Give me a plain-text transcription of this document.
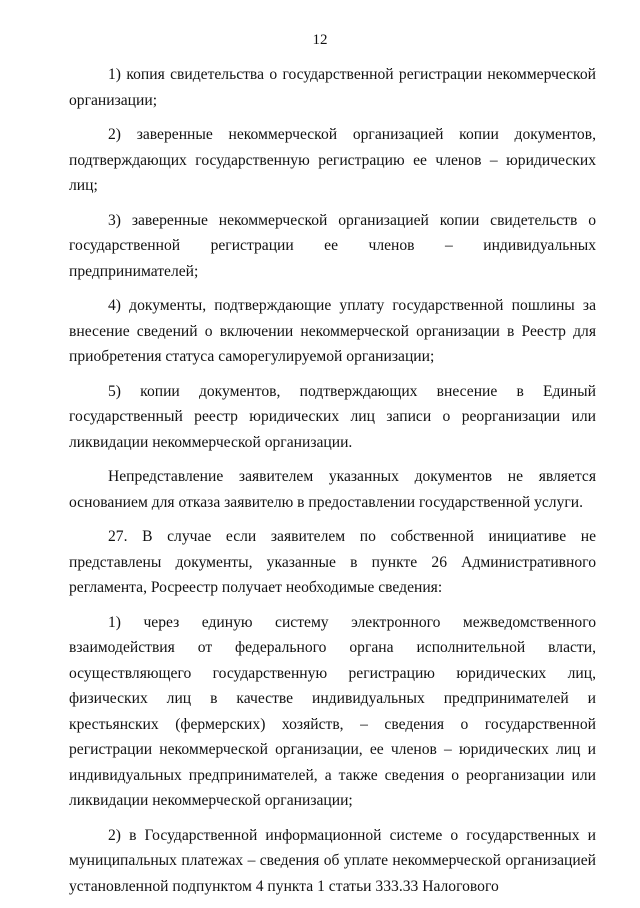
12

1) копия свидетельства о государственной регистрации некоммерческой организации;

2) заверенные некоммерческой организацией копии документов, подтверждающих государственную регистрацию ее членов – юридических лиц;

3) заверенные некоммерческой организацией копии свидетельств о государственной регистрации ее членов – индивидуальных предпринимателей;

4) документы, подтверждающие уплату государственной пошлины за внесение сведений о включении некоммерческой организации в Реестр для приобретения статуса саморегулируемой организации;

5) копии документов, подтверждающих внесение в Единый государственный реестр юридических лиц записи о реорганизации или ликвидации некоммерческой организации.

Непредставление заявителем указанных документов не является основанием для отказа заявителю в предоставлении государственной услуги.

27. В случае если заявителем по собственной инициативе не представлены документы, указанные в пункте 26 Административного регламента, Росреестр получает необходимые сведения:

1) через единую систему электронного межведомственного взаимодействия от федерального органа исполнительной власти, осуществляющего государственную регистрацию юридических лиц, физических лиц в качестве индивидуальных предпринимателей и крестьянских (фермерских) хозяйств, – сведения о государственной регистрации некоммерческой организации, ее членов – юридических лиц и индивидуальных предпринимателей, а также сведения о реорганизации или ликвидации некоммерческой организации;

2) в Государственной информационной системе о государственных и муниципальных платежах – сведения об уплате некоммерческой организацией установленной подпунктом 4 пункта 1 статьи 333.33 Налогового
